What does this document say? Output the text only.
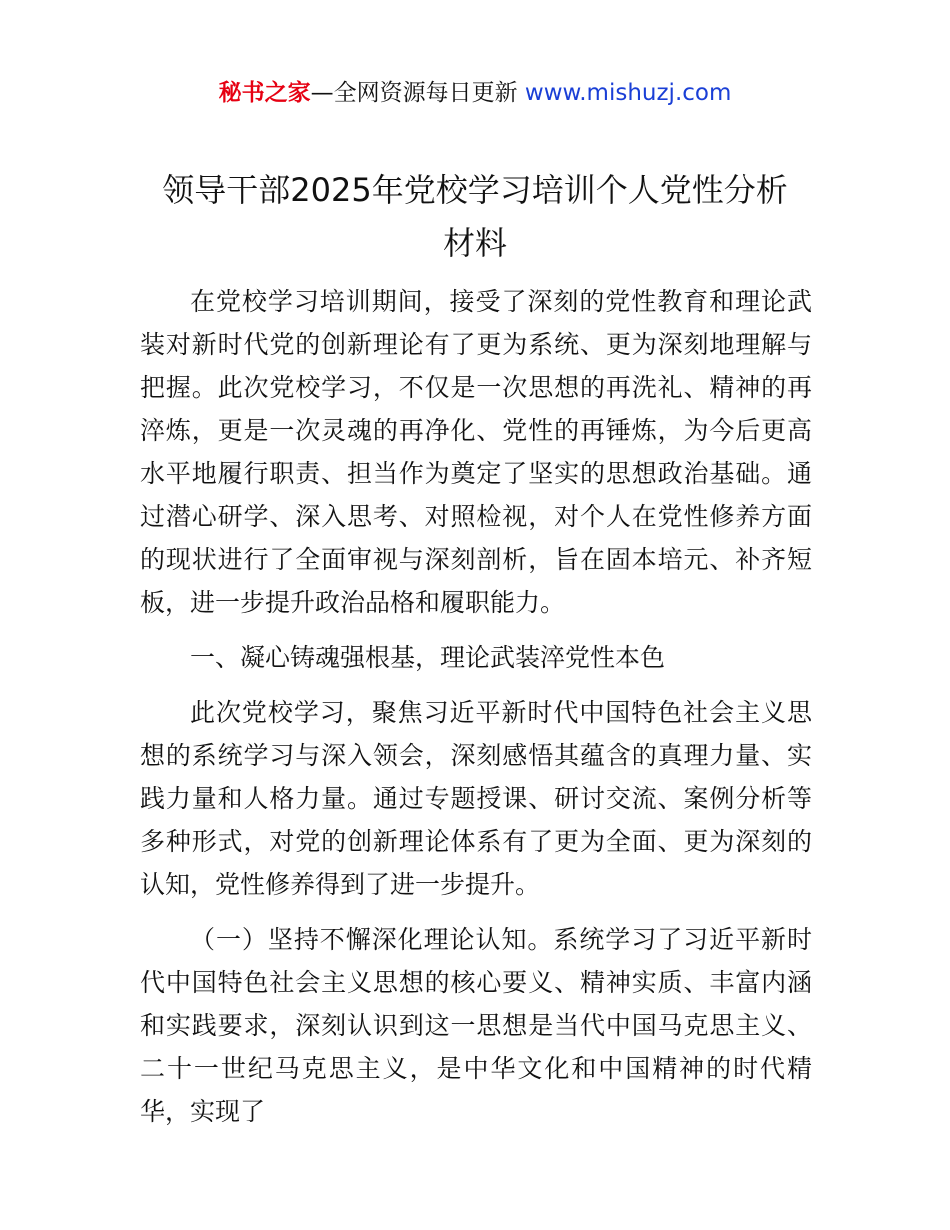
秘书之家—全网资源每日更新 www.mishuzj.com
领导干部2025年党校学习培训个人党性分析
材料

在党校学习培训期间，接受了深刻的党性教育和理论武装对新时代党的创新理论有了更为系统、更为深刻地理解与把握。此次党校学习，不仅是一次思想的再洗礼、精神的再淬炼，更是一次灵魂的再净化、党性的再锤炼，为今后更高水平地履行职责、担当作为奠定了坚实的思想政治基础。通过潜心研学、深入思考、对照检视，对个人在党性修养方面的现状进行了全面审视与深刻剖析，旨在固本培元、补齐短板，进一步提升政治品格和履职能力。

一、凝心铸魂强根基，理论武装淬党性本色

此次党校学习，聚焦习近平新时代中国特色社会主义思想的系统学习与深入领会，深刻感悟其蕴含的真理力量、实践力量和人格力量。通过专题授课、研讨交流、案例分析等多种形式，对党的创新理论体系有了更为全面、更为深刻的认知，党性修养得到了进一步提升。

（一）坚持不懈深化理论认知。系统学习了习近平新时代中国特色社会主义思想的核心要义、精神实质、丰富内涵和实践要求，深刻认识到这一思想是当代中国马克思主义、二十一世纪马克思主义，是中华文化和中国精神的时代精华，实现了
